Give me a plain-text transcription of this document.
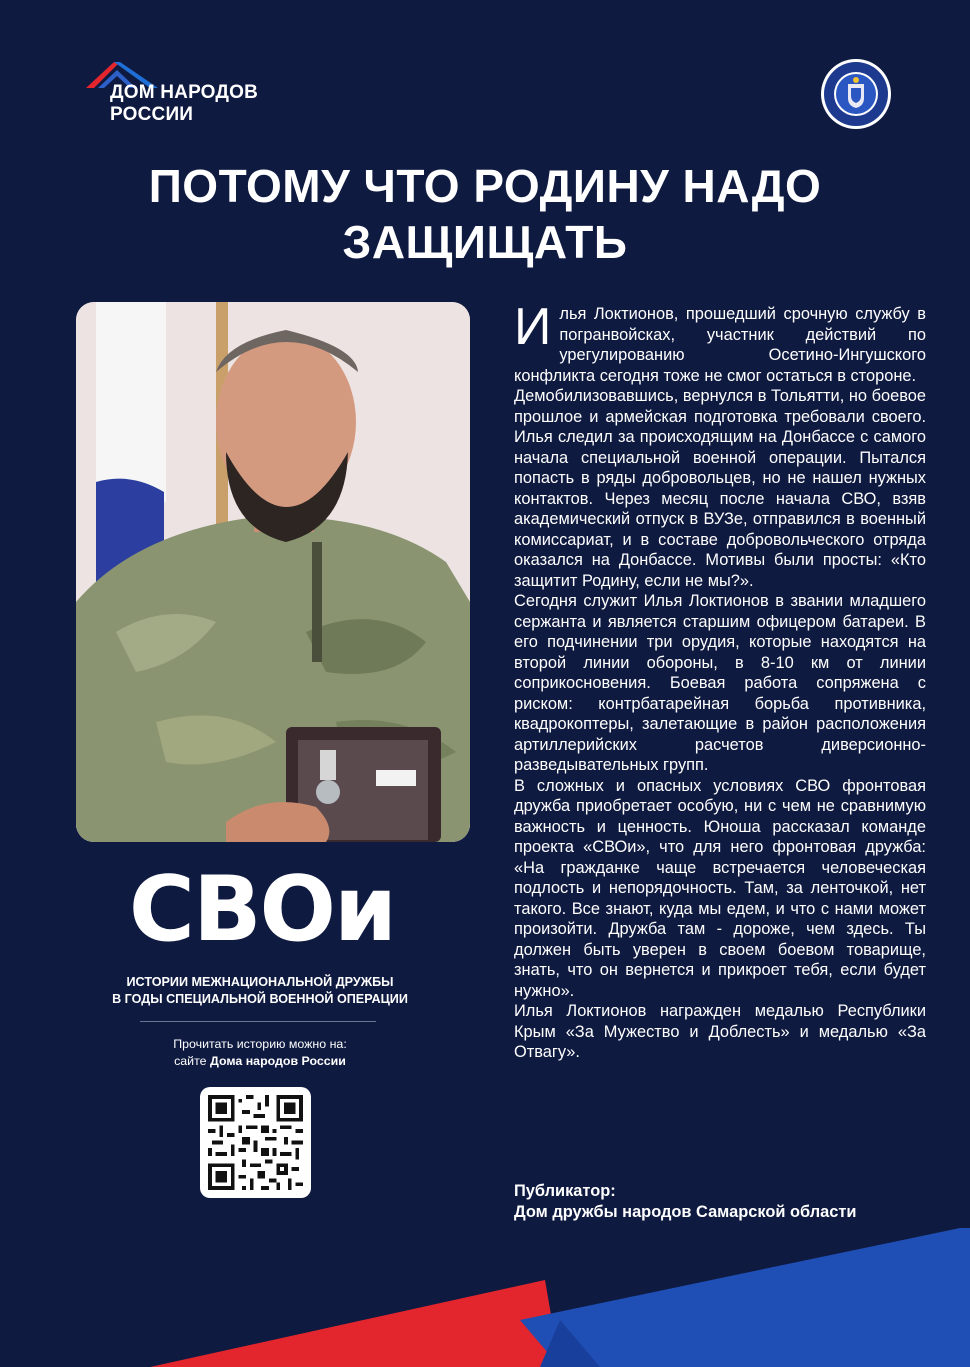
ДОМ НАРОДОВ
РОССИИ
ПОТОМУ ЧТО РОДИНУ НАДО
ЗАЩИЩАТЬ

Илья Локтионов, прошедший срочную службу в погранвойсках, участник действий по урегулированию Осетино-Ингушского конфликта сегодня тоже не смог остаться в стороне.

Демобилизовавшись, вернулся в Тольятти, но боевое прошлое и армейская подготовка требовали своего. Илья следил за происходящим на Донбассе с самого начала специальной военной операции. Пытался попасть в ряды добровольцев, но не нашел нужных контактов. Через месяц после начала СВО, взяв академический отпуск в ВУЗе, отправился в военный комиссариат, и в составе добровольческого отряда оказался на Донбассе. Мотивы были просты: «Кто защитит Родину, если не мы?».

Сегодня служит Илья Локтионов в звании младшего сержанта и является старшим офицером батареи. В его подчинении три орудия, которые находятся на второй линии обороны, в 8-10 км от линии соприкосновения. Боевая работа сопряжена с риском: контрбатарейная борьба противника, квадрокоптеры, залетающие в район расположения артиллерийских расчетов диверсионно-разведывательных групп.

В сложных и опасных условиях СВО фронтовая дружба приобретает особую, ни с чем не сравнимую важность и ценность. Юноша рассказал команде проекта «СВОи», что для него фронтовая дружба: «На гражданке чаще встречается человеческая подлость и непорядочность. Там, за ленточкой, нет такого. Все знают, куда мы едем, и что с нами может произойти. Дружба там - дороже, чем здесь. Ты должен быть уверен в своем боевом товарище, знать, что он вернется и прикроет тебя, если будет нужно».

Илья Локтионов награжден медалью Республики Крым «За Мужество и Доблесть» и медалью «За Отвагу».

Публикатор:
Дом дружбы народов Самарской области
СВОи
ИСТОРИИ МЕЖНАЦИОНАЛЬНОЙ ДРУЖБЫ
В ГОДЫ СПЕЦИАЛЬНОЙ ВОЕННОЙ ОПЕРАЦИИ
Прочитать историю можно на:
сайте Дома народов России
